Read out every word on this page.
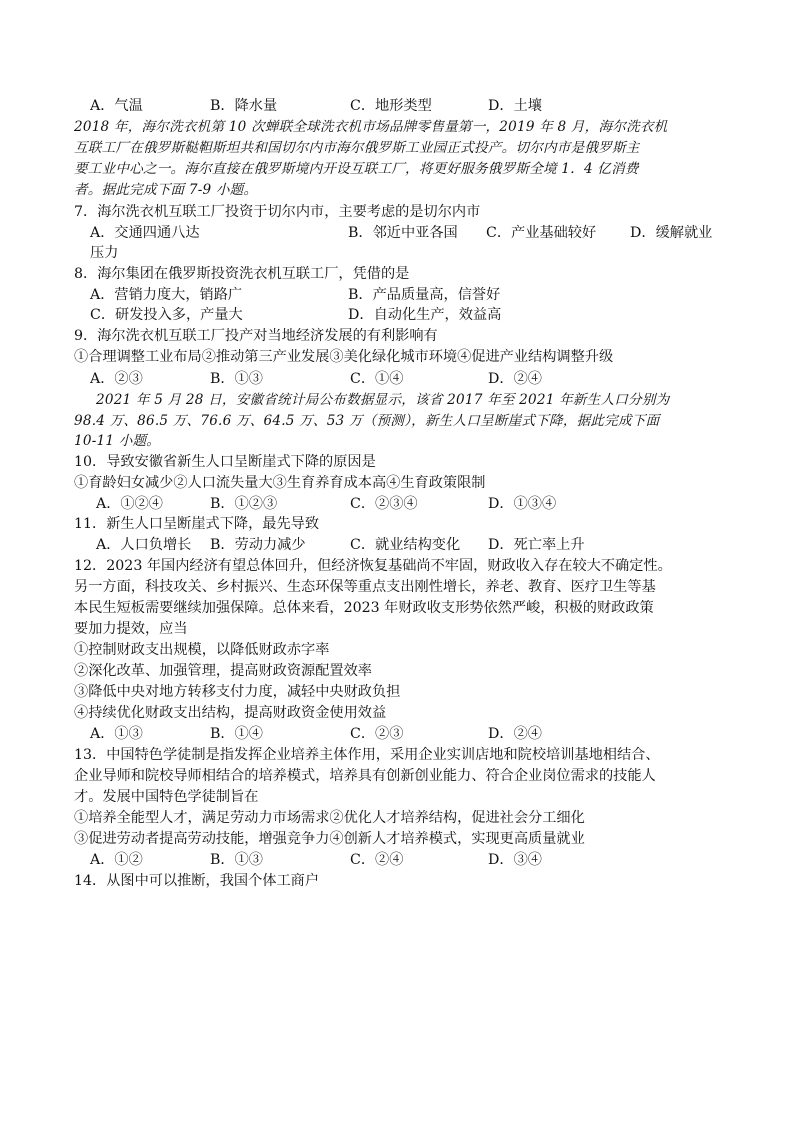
A．气温	B．降水量	C．地形类型	D．土壤
2018 年，海尔洗衣机第 10 次蝉联全球洗衣机市场品牌零售量第一，2019 年 8 月，海尔洗衣机
互联工厂在俄罗斯鞑靼斯坦共和国切尔内市海尔俄罗斯工业园正式投产。切尔内市是俄罗斯主
要工业中心之一。海尔直接在俄罗斯境内开设互联工厂，将更好服务俄罗斯全境 1．4 亿消费
者。据此完成下面 7-9 小题。
7．海尔洗衣机互联工厂投资于切尔内市，主要考虑的是切尔内市
A．交通四通八达	B．邻近中亚各国 C．产业基础较好 D．缓解就业
压力
8．海尔集团在俄罗斯投资洗衣机互联工厂，凭借的是
A．营销力度大，销路广	B．产品质量高，信誉好
C．研发投入多，产量大	D．自动化生产，效益高
9．海尔洗衣机互联工厂投产对当地经济发展的有利影响有
①合理调整工业布局②推动第三产业发展③美化绿化城市环境④促进产业结构调整升级
A．②③	B．①③	C．①④	D．②④
2021 年 5 月 28 日，安徽省统计局公布数据显示，该省 2017 年至 2021 年新生人口分别为
98.4 万、86.5 万、76.6 万、64.5 万、53 万（预测），新生人口呈断崖式下降，据此完成下面
10-11 小题。
10．导致安徽省新生人口呈断崖式下降的原因是
①育龄妇女减少②人口流失量大③生育养育成本高④生育政策限制
A．①②④	B．①②③	C．②③④	D．①③④
11．新生人口呈断崖式下降，最先导致
A．人口负增长 B．劳动力减少	C．就业结构变化 D．死亡率上升
12．2023 年国内经济有望总体回升，但经济恢复基础尚不牢固，财政收入存在较大不确定性。
另一方面，科技攻关、乡村振兴、生态环保等重点支出刚性增长，养老、教育、医疗卫生等基
本民生短板需要继续加强保障。总体来看，2023 年财政收支形势依然严峻，积极的财政政策
要加力提效，应当
①控制财政支出规模，以降低财政赤字率
②深化改革、加强管理，提高财政资源配置效率
③降低中央对地方转移支付力度，减轻中央财政负担
④持续优化财政支出结构，提高财政资金使用效益
A．①③	B．①④	C．②③	D．②④
13．中国特色学徒制是指发挥企业培养主体作用，采用企业实训店地和院校培训基地相结合、
企业导师和院校导师相结合的培养模式，培养具有创新创业能力、符合企业岗位需求的技能人
才。发展中国特色学徒制旨在
①培养全能型人才，满足劳动力市场需求②优化人才培养结构，促进社会分工细化
③促进劳动者提高劳动技能，增强竞争力④创新人才培养模式，实现更高质量就业
A．①②	B．①③	C．②④	D．③④
14．从图中可以推断，我国个体工商户
